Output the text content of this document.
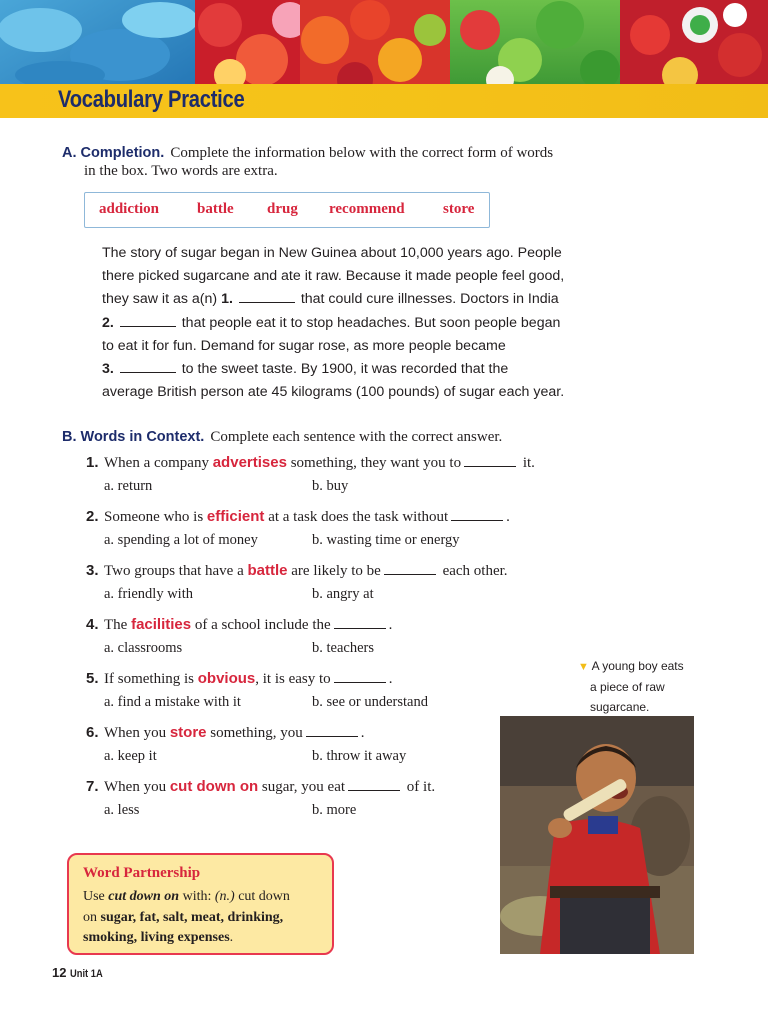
Vocabulary Practice
A. Completion. Complete the information below with the correct form of words
in the box. Two words are extra.
addiction	battle drug recommend	store

The story of sugar began in New Guinea about 10,000 years ago. People

there picked sugarcane and ate it raw. Because it made people feel good,

they saw it as a(n) 1.	that could cure illnesses. Doctors in India

2.	that people eat it to stop headaches. But soon people began

to eat it for fun. Demand for sugar rose, as more people became

3.	to the sweet taste. By 1900, it was recorded that the

average British person ate 45 kilograms (100 pounds) of sugar each year.

B. Words in Context. Complete each sentence with the correct answer.
1. When a company advertises something, they want you to	it.
a. return	b. buy
2. Someone who is efficient at a task does the task without	.
a. spending a lot of money	b. wasting time or energy
3. Two groups that have a battle are likely to be	each other.
a. friendly with	b. angry at
4. The facilities of a school include the	.
a. classrooms	b. teachers
5. If something is obvious, it is easy to	.
a. find a mistake with it	b. see or understand
6. When you store something, you	.
a. keep it	b. throw it away
7. When you cut down on sugar, you eat	of it.
a. less	b. more
Word Partnership
Use cut down on with: (n.) cut down
on sugar, fat, salt, meat, drinking,
smoking, living expenses.
▼ A young boy eats
a piece of raw
sugarcane.
12 Unit 1A
